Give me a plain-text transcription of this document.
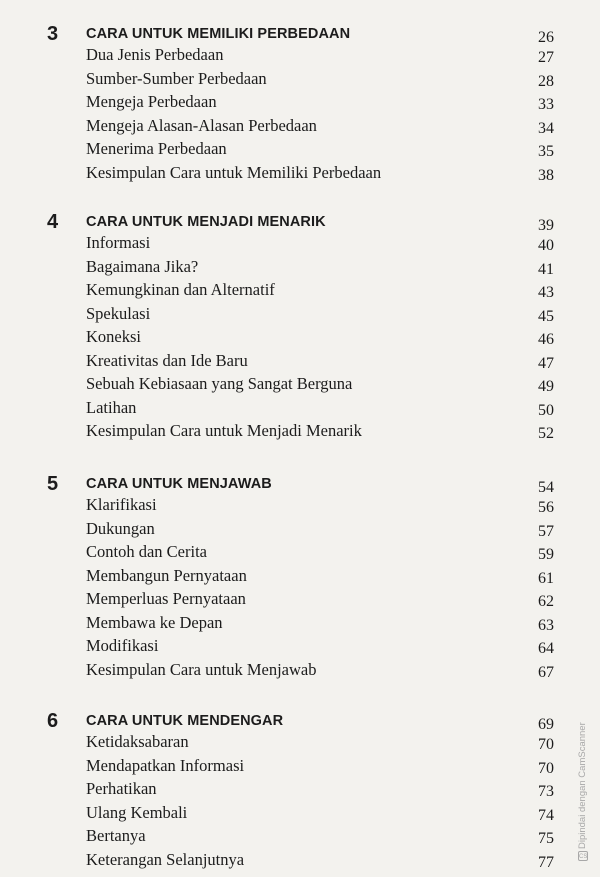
3 CARA UNTUK MEMILIKI PERBEDAAN	26
Dua Jenis Perbedaan	27
Sumber-Sumber Perbedaan	28
Mengeja Perbedaan	33
Mengeja Alasan-Alasan Perbedaan	34
Menerima Perbedaan	35
Kesimpulan Cara untuk Memiliki Perbedaan	38
4 CARA UNTUK MENJADI MENARIK	39
Informasi	40
Bagaimana Jika?	41
Kemungkinan dan Alternatif	43
Spekulasi	45
Koneksi	46
Kreativitas dan Ide Baru	47
Sebuah Kebiasaan yang Sangat Berguna	49
Latihan	50
Kesimpulan Cara untuk Menjadi Menarik	52
5 CARA UNTUK MENJAWAB	54
Klarifikasi	56
Dukungan	57
Contoh dan Cerita	59
Membangun Pernyataan	61
Memperluas Pernyataan	62
Membawa ke Depan	63
Modifikasi	64
Kesimpulan Cara untuk Menjawab	67
6 CARA UNTUK MENDENGAR	69
Ketidaksabaran	70
Mendapatkan Informasi	70
Perhatikan	73
Ulang Kembali	74
Bertanya	75
Keterangan Selanjutnya	77
Dipindai dengan CamScanner
CS
